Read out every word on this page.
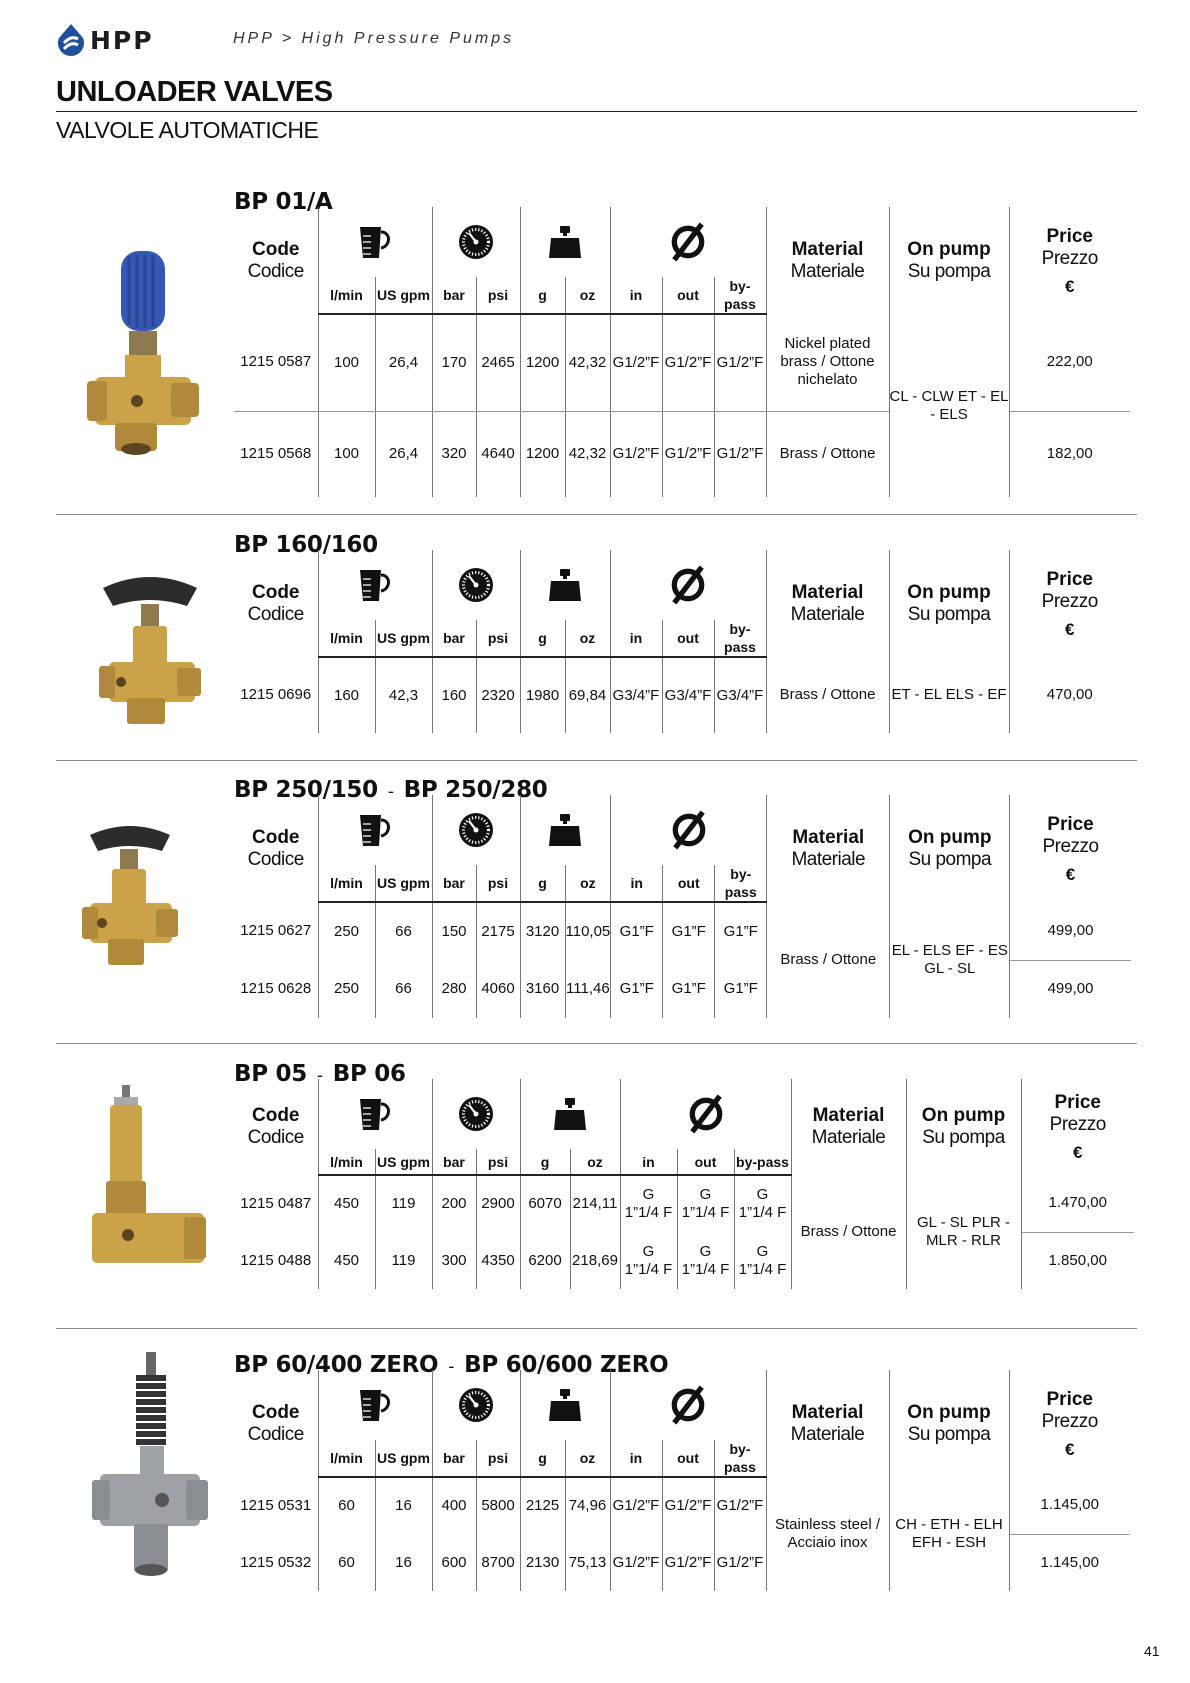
HPP	HPP > High Pressure Pumps
UNLOADER VALVES
VALVOLE AUTOMATICHE
BP 01/A
Code
Codice										Material
Materiale	On pump
Su pompa	Price
Prezzo
€

	l/min	US gpm	bar	psi	g	oz	in	out	by-pass			
1215 0587	100	26,4	170	2465	1200	42,32	G1/2”F	G1/2”F	G1/2”F	Nickel plated brass / Ottone nichelato	CL - CLW ET - EL - ELS	222,00
1215 0568	100	26,4	320	4640	1200	42,32	G1/2”F	G1/2”F	G1/2”F	Brass / Ottone		182,00
BP 160/160
Code
Codice										Material
Materiale	On pump
Su pompa	Price
Prezzo
€

	l/min	US gpm	bar	psi	g	oz	in	out	by-pass			
1215 0696	160	42,3	160	2320	1980	69,84	G3/4”F	G3/4”F	G3/4”F	Brass / Ottone	ET - EL ELS - EF	470,00
BP 250/150 - BP 250/280
Code
Codice										Material
Materiale	On pump
Su pompa	Price
Prezzo
€

	l/min	US gpm	bar	psi	g	oz	in	out	by-pass			
1215 0627	250	66	150	2175	3120	110,05	G1”F	G1”F	G1”F	Brass / Ottone	EL - ELS EF - ES GL - SL	499,00
1215 0628	250	66	280	4060	3160	111,46	G1”F	G1”F	G1”F			499,00
BP 05 - BP 06
Code
Codice										Material
Materiale	On pump
Su pompa	Price
Prezzo
€

	l/min	US gpm	bar	psi	g	oz	in	out	by-pass			
1215 0487	450	119	200	2900	6070	214,11	G
1”1/4 F	G
1”1/4 F	G
1”1/4 F	Brass / Ottone	GL - SL PLR - MLR - RLR	1.470,00
1215 0488	450	119	300	4350	6200	218,69	G
1”1/4 F	G
1”1/4 F	G
1”1/4 F			1.850,00
BP 60/400 ZERO - BP 60/600 ZERO
Code
Codice										Material
Materiale	On pump
Su pompa	Price
Prezzo
€

	l/min	US gpm	bar	psi	g	oz	in	out	by-pass			
1215 0531	60	16	400	5800	2125	74,96	G1/2”F	G1/2”F	G1/2”F	Stainless steel / Acciaio inox	CH - ETH - ELH EFH - ESH	1.145,00
1215 0532	60	16	600	8700	2130	75,13	G1/2”F	G1/2”F	G1/2”F			1.145,00
41
